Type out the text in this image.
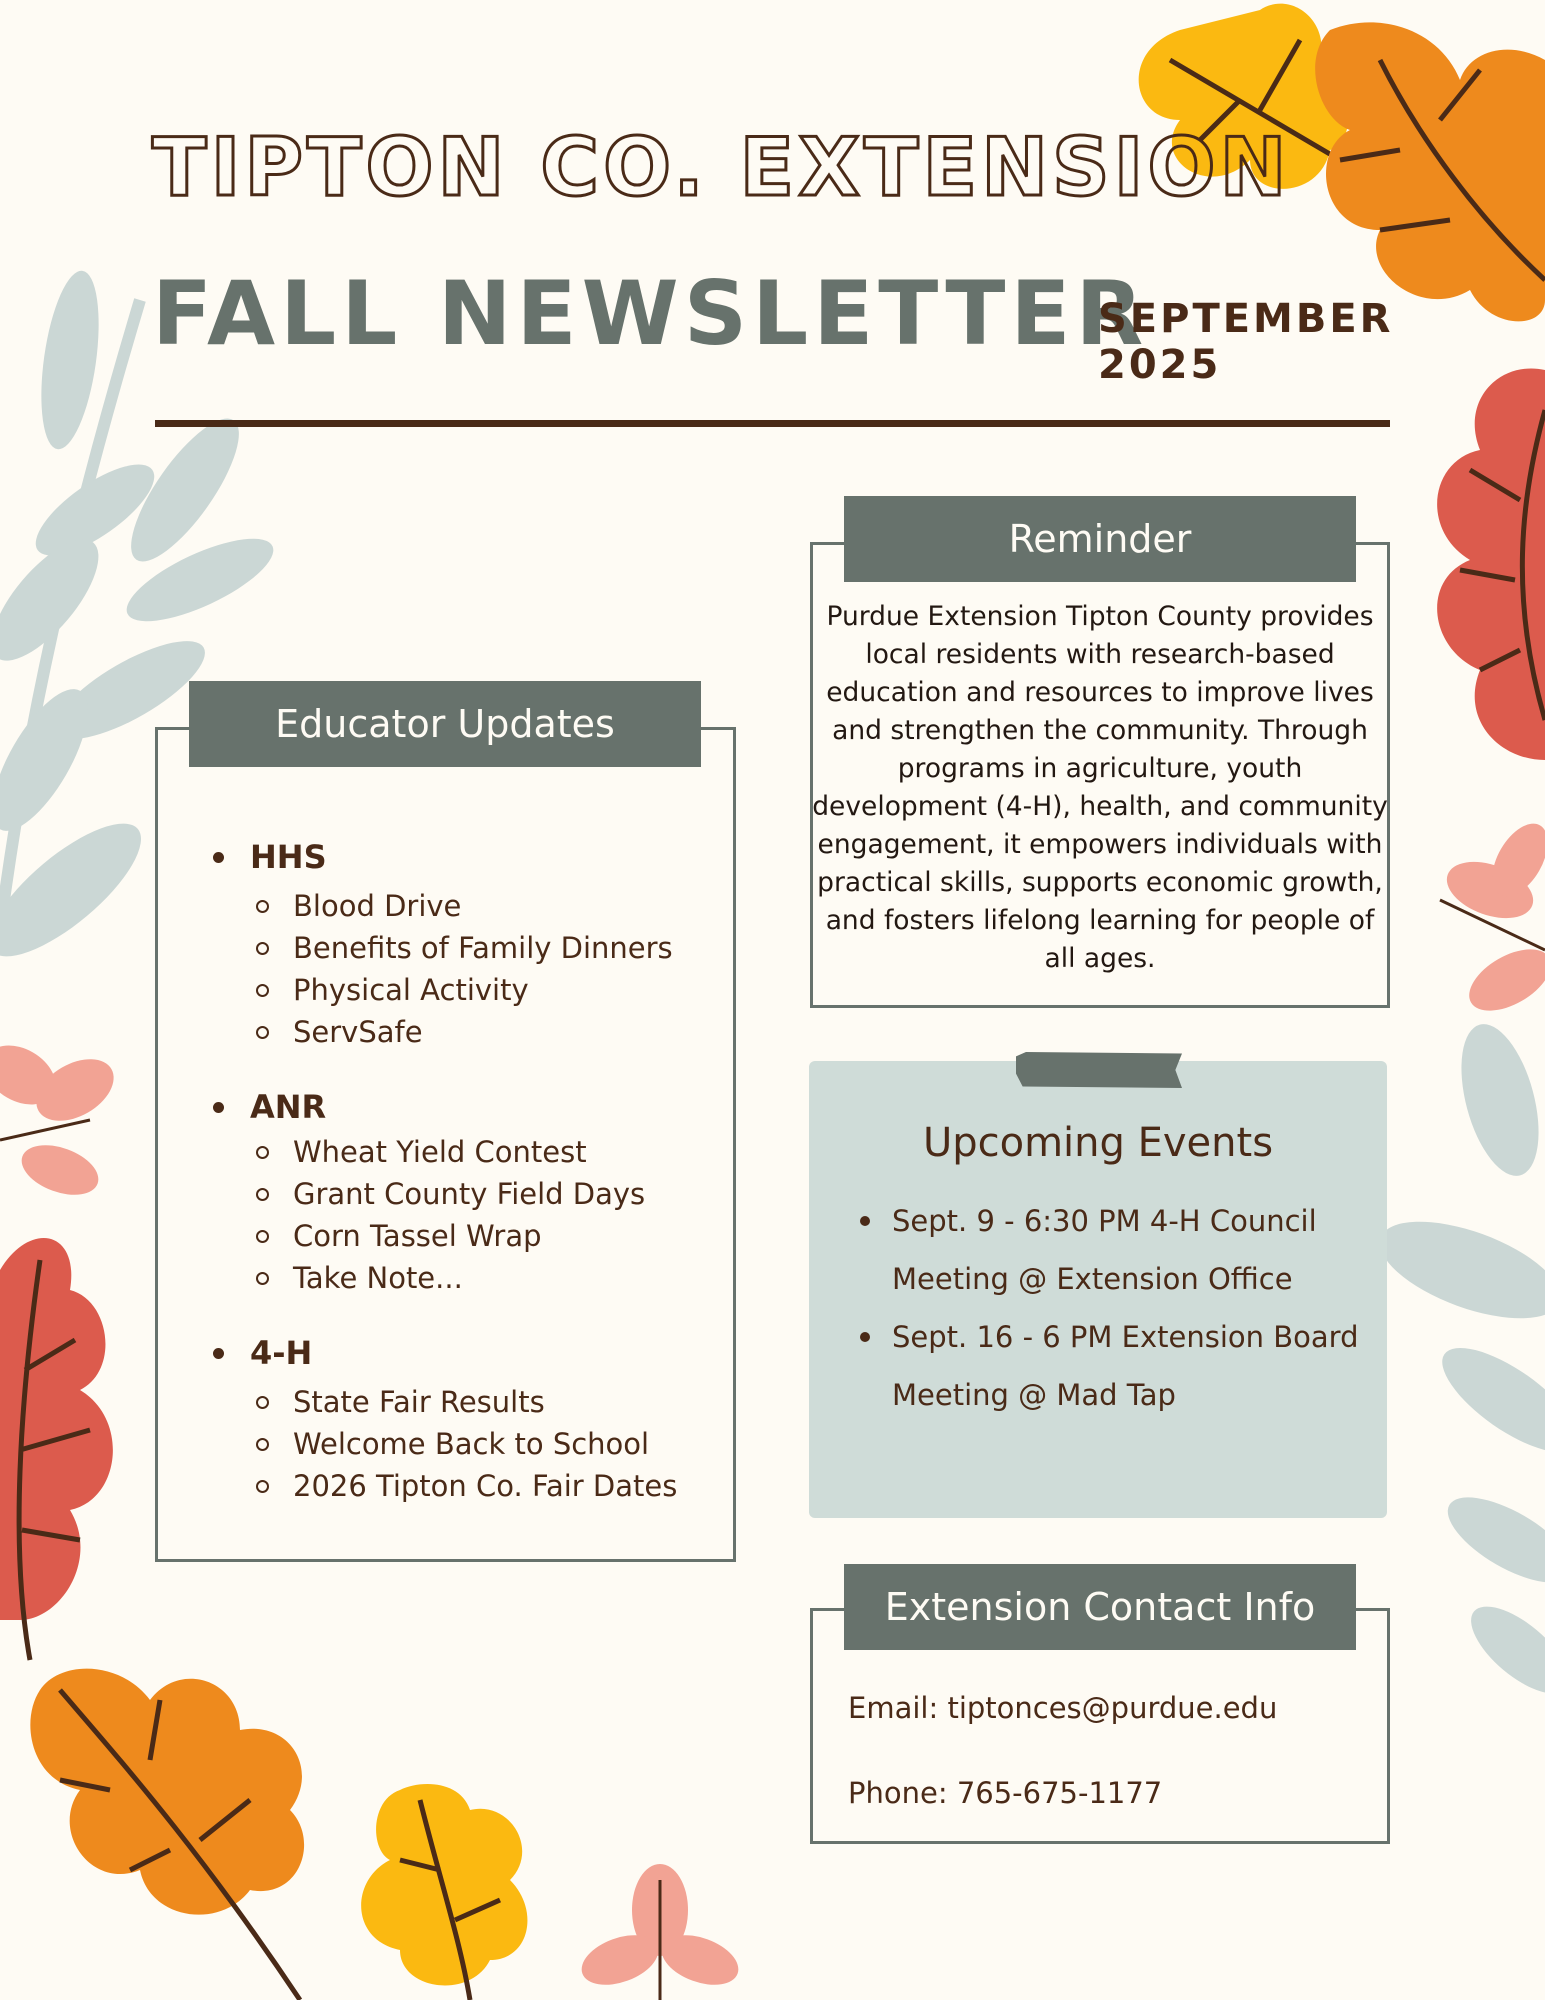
TIPTON CO. EXTENSION
FALL NEWSLETTER
SEPTEMBER
2025
Reminder
Purdue Extension Tipton County provides local residents with research-based education and resources to improve lives and strengthen the community. Through programs in agriculture, youth development (4-H), health, and community engagement, it empowers individuals with practical skills, supports economic growth, and fosters lifelong learning for people of all ages.
Educator Updates
HHS
Blood Drive
Benefits of Family Dinners
Physical Activity
ServSafe
ANR
Wheat Yield Contest
Grant County Field Days
Corn Tassel Wrap
Take Note...
4-H
State Fair Results
Welcome Back to School
2026 Tipton Co. Fair Dates
Upcoming Events
Sept. 9 - 6:30 PM 4-H Council Meeting @ Extension Office
Sept. 16 - 6 PM Extension Board Meeting @ Mad Tap
Extension Contact Info
Email: tiptonces@purdue.edu
Phone: 765-675-1177
